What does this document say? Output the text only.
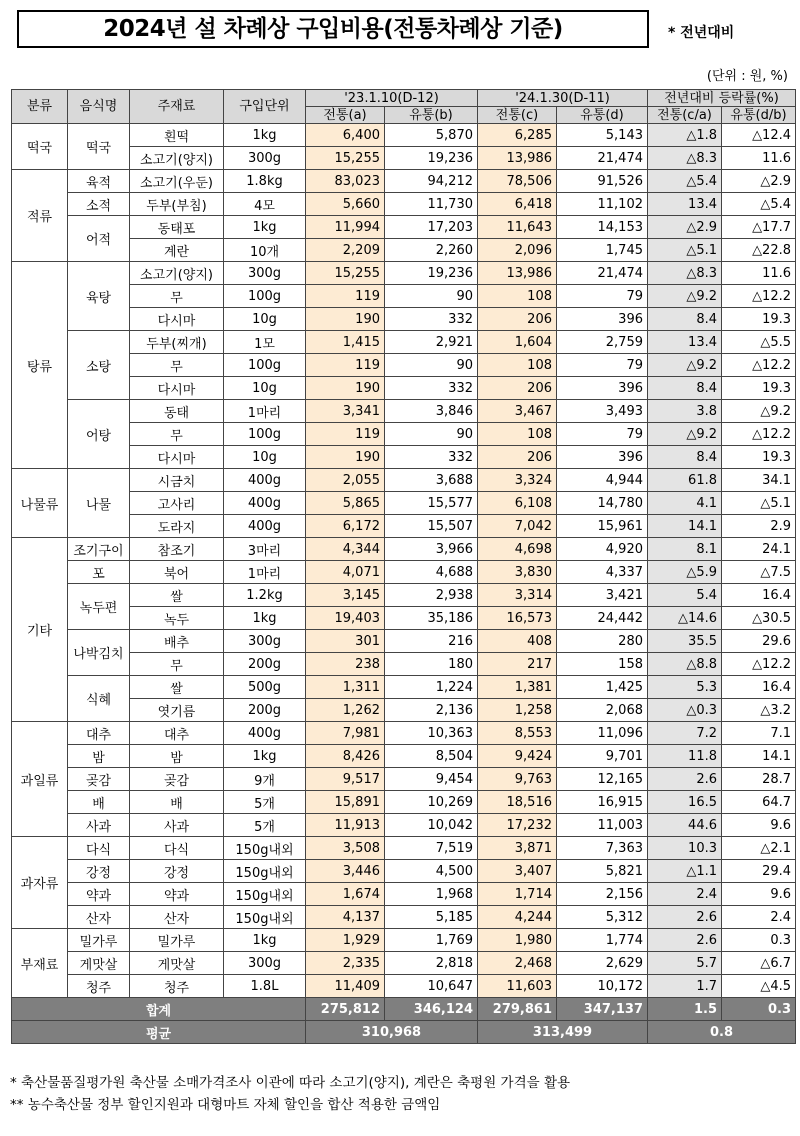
2024년 설 차례상 구입비용(전통차례상 기준)	* 전년대비
(단위 : 원, %)
분류	음식명	주재료	구입단위	'23.1.10(D-12)		'24.1.30(D-11)		전년대비 등락률(%)	
				전통(a)	유통(b)	전통(c)	유통(d)	전통(c/a)	유통(d/b)
떡국	떡국	흰떡	1kg	6,400	5,870	6,285	5,143	△1.8	△12.4
		소고기(양지)	300g	15,255	19,236	13,986	21,474	△8.3	11.6
적류	육적	소고기(우둔)	1.8kg	83,023	94,212	78,506	91,526	△5.4	△2.9
	소적	두부(부침)	4모	5,660	11,730	6,418	11,102	13.4	△5.4
	어적	동태포	1kg	11,994	17,203	11,643	14,153	△2.9	△17.7
		계란	10개	2,209	2,260	2,096	1,745	△5.1	△22.8
탕류	육탕	소고기(양지)	300g	15,255	19,236	13,986	21,474	△8.3	11.6
		무	100g	119	90	108	79	△9.2	△12.2
		다시마	10g	190	332	206	396	8.4	19.3
	소탕	두부(찌개)	1모	1,415	2,921	1,604	2,759	13.4	△5.5
		무	100g	119	90	108	79	△9.2	△12.2
		다시마	10g	190	332	206	396	8.4	19.3
	어탕	동태	1마리	3,341	3,846	3,467	3,493	3.8	△9.2
		무	100g	119	90	108	79	△9.2	△12.2
		다시마	10g	190	332	206	396	8.4	19.3
나물류	나물	시금치	400g	2,055	3,688	3,324	4,944	61.8	34.1
		고사리	400g	5,865	15,577	6,108	14,780	4.1	△5.1
		도라지	400g	6,172	15,507	7,042	15,961	14.1	2.9
기타	조기구이	참조기	3마리	4,344	3,966	4,698	4,920	8.1	24.1
	포	북어	1마리	4,071	4,688	3,830	4,337	△5.9	△7.5
	녹두편	쌀	1.2kg	3,145	2,938	3,314	3,421	5.4	16.4
		녹두	1kg	19,403	35,186	16,573	24,442	△14.6	△30.5
	나박김치	배추	300g	301	216	408	280	35.5	29.6
		무	200g	238	180	217	158	△8.8	△12.2
	식혜	쌀	500g	1,311	1,224	1,381	1,425	5.3	16.4
		엿기름	200g	1,262	2,136	1,258	2,068	△0.3	△3.2
과일류	대추	대추	400g	7,981	10,363	8,553	11,096	7.2	7.1
	밤	밤	1kg	8,426	8,504	9,424	9,701	11.8	14.1
	곶감	곶감	9개	9,517	9,454	9,763	12,165	2.6	28.7
	배	배	5개	15,891	10,269	18,516	16,915	16.5	64.7
	사과	사과	5개	11,913	10,042	17,232	11,003	44.6	9.6
과자류	다식	다식	150g내외	3,508	7,519	3,871	7,363	10.3	△2.1
	강정	강정	150g내외	3,446	4,500	3,407	5,821	△1.1	29.4
	약과	약과	150g내외	1,674	1,968	1,714	2,156	2.4	9.6
	산자	산자	150g내외	4,137	5,185	4,244	5,312	2.6	2.4
부재료	밀가루	밀가루	1kg	1,929	1,769	1,980	1,774	2.6	0.3
	게맛살	게맛살	300g	2,335	2,818	2,468	2,629	5.7	△6.7
	청주	청주	1.8L	11,409	10,647	11,603	10,172	1.7	△4.5
합계				275,812	346,124	279,861	347,137	1.5	0.3
평균				310,968		313,499		0.8	
* 축산물품질평가원 축산물 소매가격조사 이관에 따라 소고기(양지), 계란은 축평원 가격을 활용
** 농수축산물 정부 할인지원과 대형마트 자체 할인을 합산 적용한 금액임
